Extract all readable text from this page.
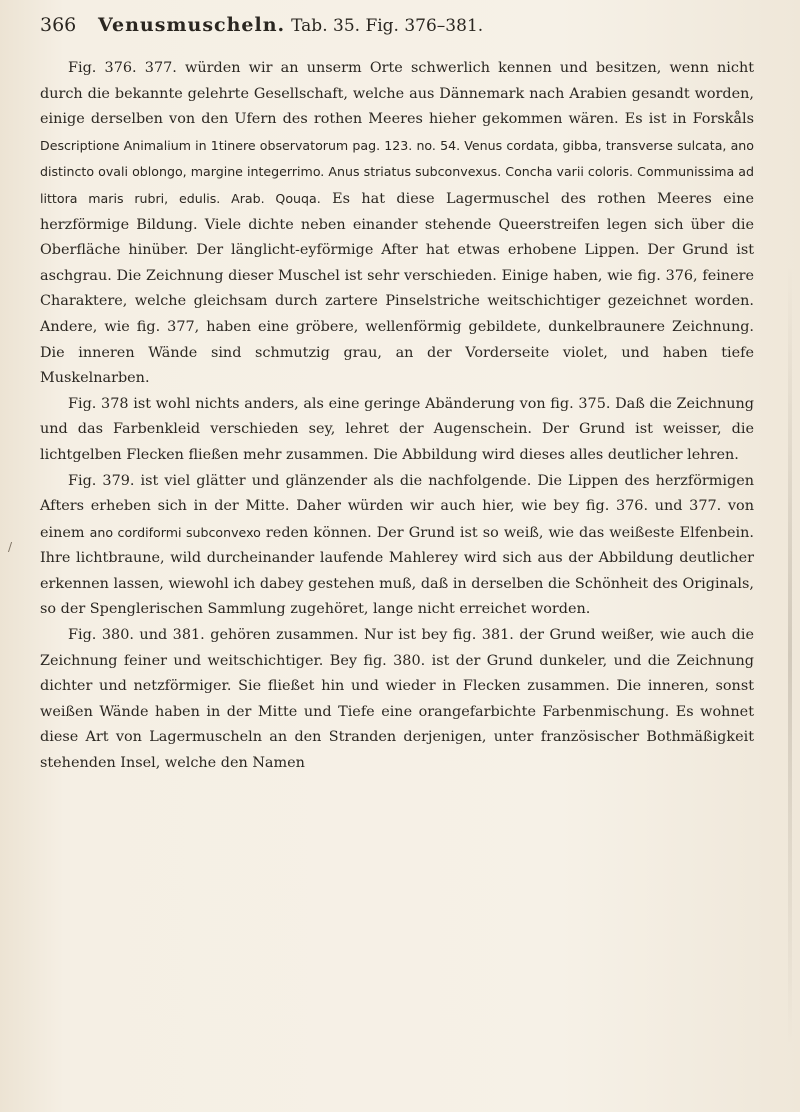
366	Venusmuscheln. Tab. 35. Fig. 376–381.

Fig. 376. 377. würden wir an unserm Orte schwerlich kennen und besitzen, wenn nicht durch die bekannte gelehrte Gesellschaft, welche aus Dännemark nach Arabien gesandt worden, einige derselben von den Ufern des rothen Meeres hieher gekommen wären. Es ist in Forskåls Descriptione Animalium in 1tinere observatorum pag. 123. no. 54. Venus cordata, gibba, transverse sulcata, ano distincto ovali oblongo, margine integerrimo. Anus striatus subconvexus. Concha varii coloris. Communissima ad littora maris rubri, edulis. Arab. Qouqa. Es hat diese Lagermuschel des rothen Meeres eine herzförmige Bildung. Viele dichte neben einander stehende Queerstreifen legen sich über die Oberfläche hinüber. Der länglicht-eyförmige After hat etwas erhobene Lippen. Der Grund ist aschgrau. Die Zeichnung dieser Muschel ist sehr verschieden. Einige haben, wie fig. 376, feinere Charaktere, welche gleichsam durch zartere Pinselstriche weitschichtiger gezeichnet worden. Andere, wie fig. 377, haben eine gröbere, wellenförmig gebildete, dunkelbraunere Zeichnung. Die inneren Wände sind schmutzig grau, an der Vorderseite violet, und haben tiefe Muskelnarben.

Fig. 378 ist wohl nichts anders, als eine geringe Abänderung von fig. 375. Daß die Zeichnung und das Farbenkleid verschieden sey, lehret der Augenschein. Der Grund ist weisser, die lichtgelben Flecken fließen mehr zusammen. Die Abbildung wird dieses alles deutlicher lehren.

Fig. 379. ist viel glätter und glänzender als die nachfolgende. Die Lippen des herzförmigen Afters erheben sich in der Mitte. Daher würden wir auch hier, wie bey fig. 376. und 377. von einem ano cordiformi subconvexo reden können. Der Grund ist so weiß, wie das weißeste Elfenbein. Ihre lichtbraune, wild durcheinander laufende Mahlerey wird sich aus der Abbildung deutlicher erkennen lassen, wiewohl ich dabey gestehen muß, daß in derselben die Schönheit des Originals, so der Spenglerischen Sammlung zugehöret, lange nicht erreichet worden.

Fig. 380. und 381. gehören zusammen. Nur ist bey fig. 381. der Grund weißer, wie auch die Zeichnung feiner und weitschichtiger. Bey fig. 380. ist der Grund dunkeler, und die Zeichnung dichter und netzförmiger. Sie fließet hin und wieder in Flecken zusammen. Die inneren, sonst weißen Wände haben in der Mitte und Tiefe eine orangefarbichte Farbenmischung. Es wohnet diese Art von Lagermuscheln an den Stranden derjenigen, unter französischer Bothmäßigkeit stehenden Insel, welche den Namen

/
